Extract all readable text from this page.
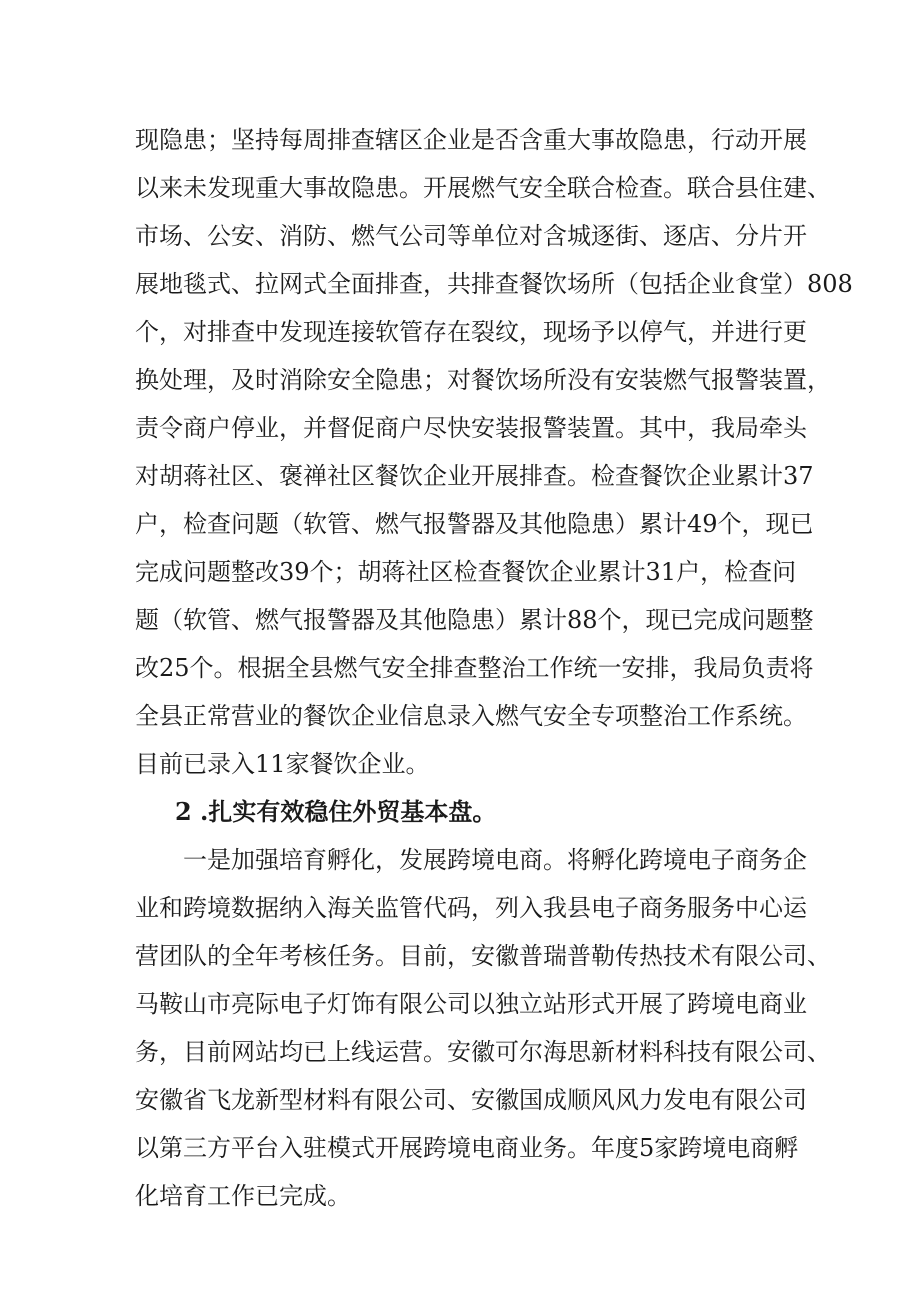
现隐患；坚持每周排查辖区企业是否含重大事故隐患，行动开展
以来未发现重大事故隐患。开展燃气安全联合检查。联合县住建、
市场、公安、消防、燃气公司等单位对含城逐街、逐店、分片开
展地毯式、拉网式全面排查，共排查餐饮场所（包括企业食堂）808
个，对排查中发现连接软管存在裂纹，现场予以停气，并进行更
换处理，及时消除安全隐患；对餐饮场所没有安装燃气报警装置，
责令商户停业，并督促商户尽快安装报警装置。其中，我局牵头
对胡蒋社区、褒禅社区餐饮企业开展排查。检查餐饮企业累计37
户，检查问题（软管、燃气报警器及其他隐患）累计49个，现已
完成问题整改39个；胡蒋社区检查餐饮企业累计31户，检查问
题（软管、燃气报警器及其他隐患）累计88个，现已完成问题整
改25个。根据全县燃气安全排查整治工作统一安排，我局负责将
全县正常营业的餐饮企业信息录入燃气安全专项整治工作系统。
目前已录入11家餐饮企业。
2 .扎实有效稳住外贸基本盘。
一是加强培育孵化，发展跨境电商。将孵化跨境电子商务企
业和跨境数据纳入海关监管代码，列入我县电子商务服务中心运
营团队的全年考核任务。目前，安徽普瑞普勒传热技术有限公司、
马鞍山市亮际电子灯饰有限公司以独立站形式开展了跨境电商业
务，目前网站均已上线运营。安徽可尔海思新材料科技有限公司、
安徽省飞龙新型材料有限公司、安徽国成顺风风力发电有限公司
以第三方平台入驻模式开展跨境电商业务。年度5家跨境电商孵
化培育工作已完成。
